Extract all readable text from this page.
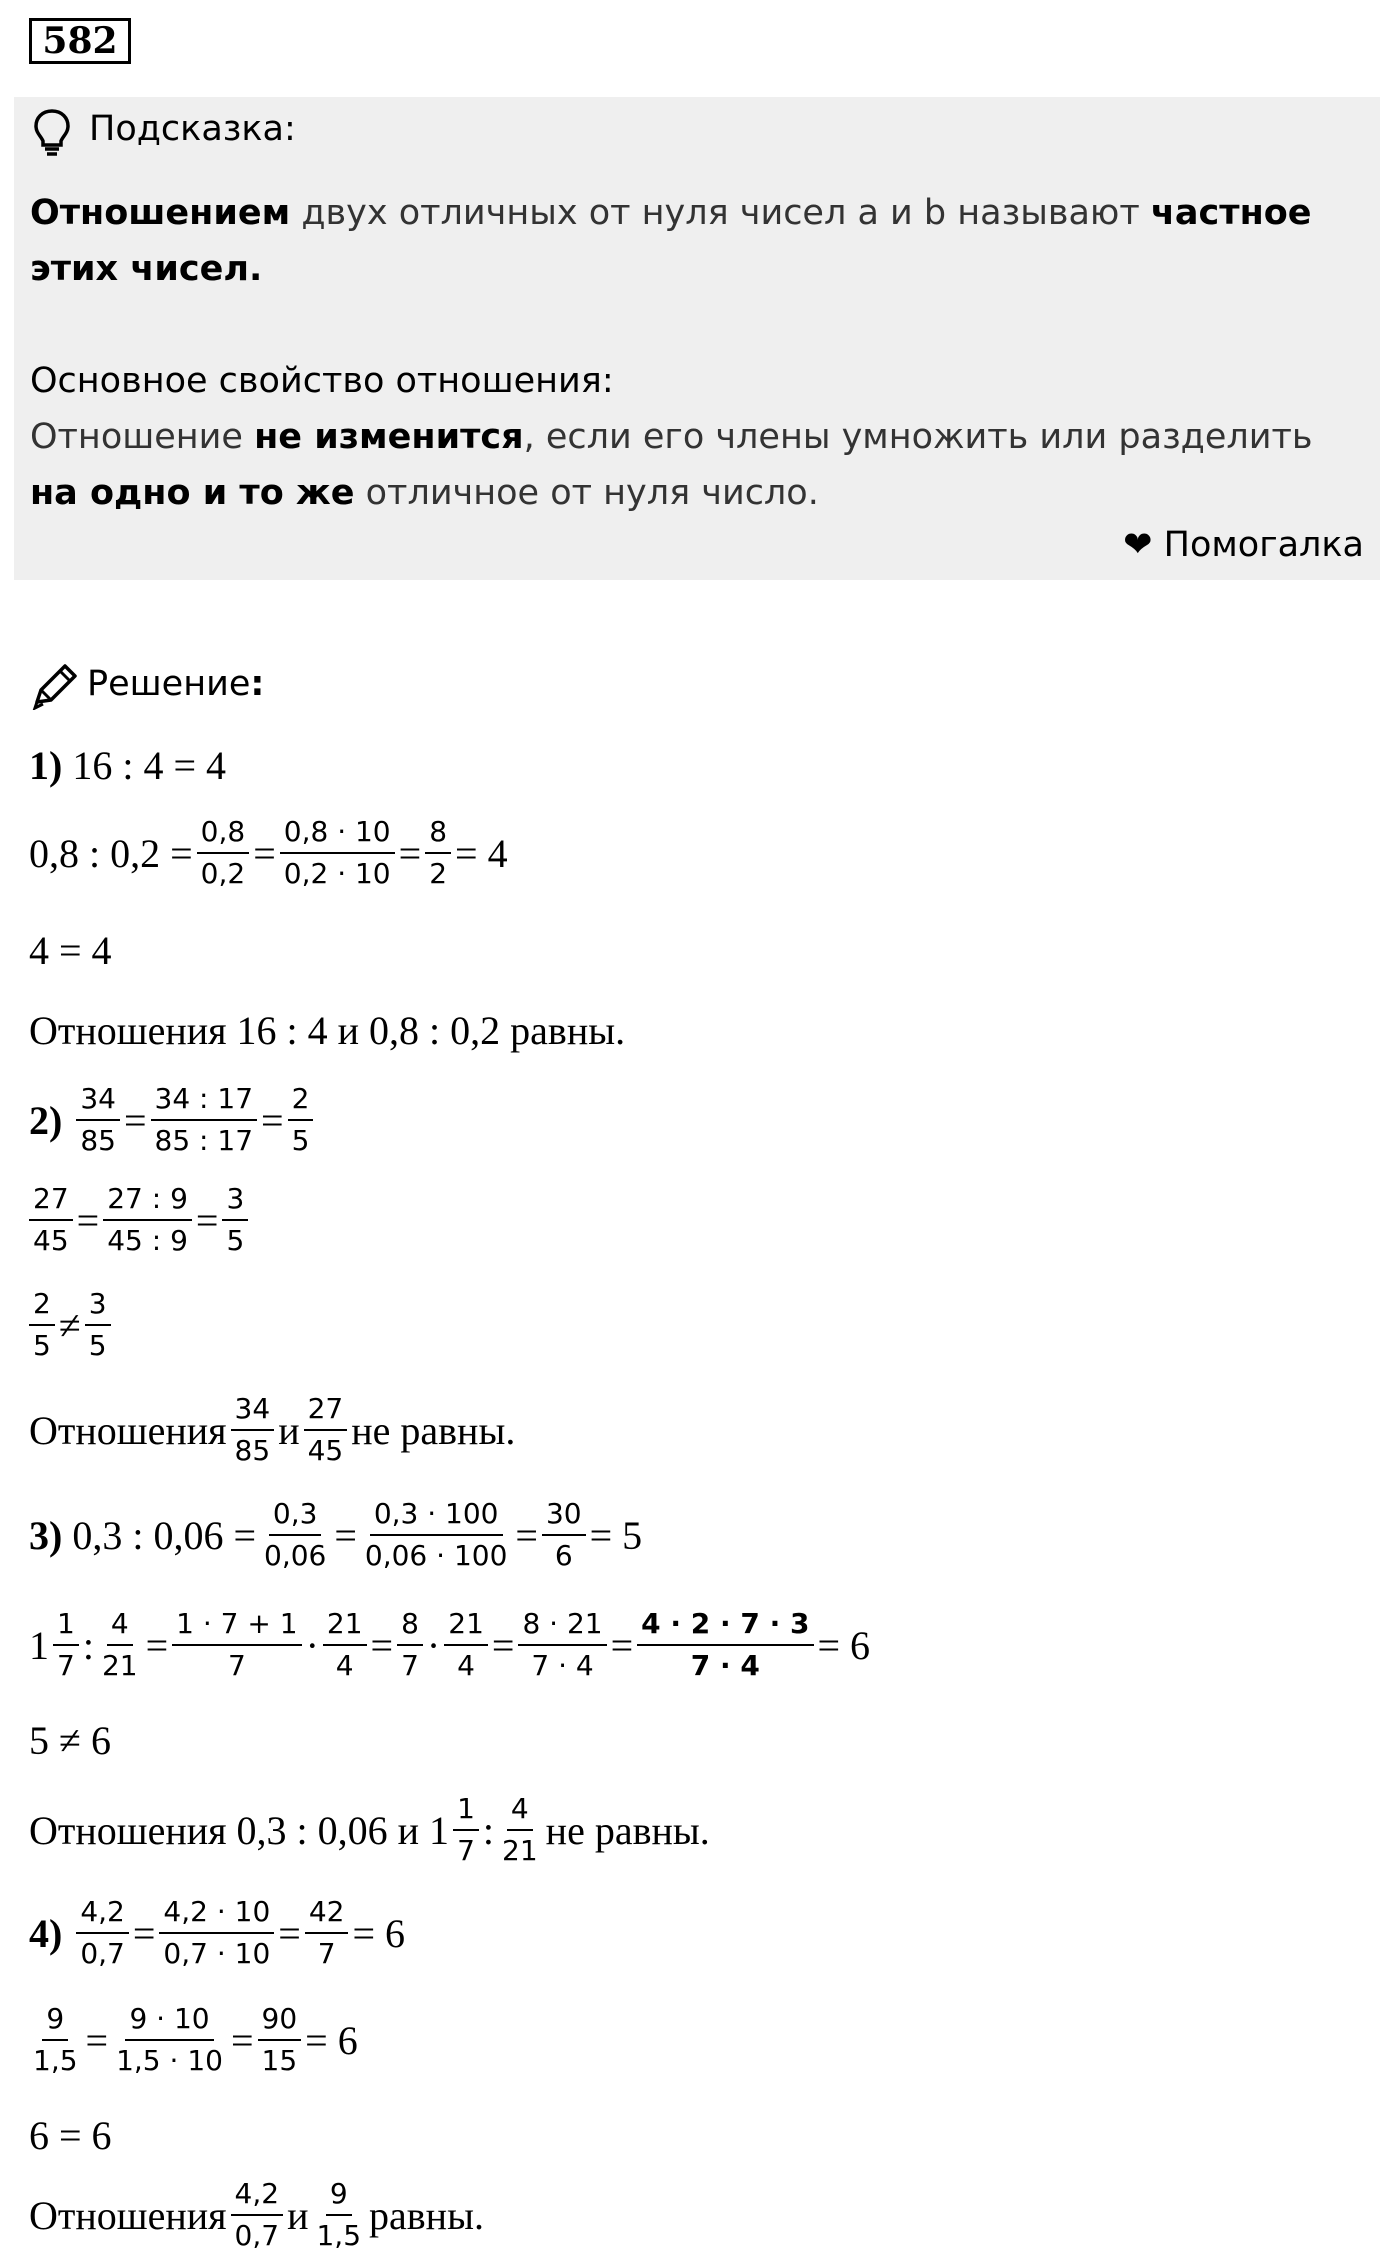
582
Подсказка:
Отношением двух отличных от нуля чисел a и b называют частное
этих чисел.
Основное свойство отношения:
Отношение не изменится, если его члены умножить или разделить
на одно и то же отличное от нуля число.
❤ Помогалка
Решение:
1) 16 : 4 = 4
0,8 : $0,2 = \frac{0,8}{0,2} = \frac{0,8 \cdot 10}{0,2 \cdot 10} = \frac{8}{2} = 4$
4 = 4
Отношения 16 : 4 и 0,8 : 0,2 равны.
$2) \frac{34}{85} = \frac{34 : 17}{85 : 17} = \frac{2}{5}$
$\frac{27}{45} = \frac{27 : 9}{45 : 9} = \frac{3}{5}$
2
5 ≠ 3
5
Отношения 34
85 и 27
45 не равны.
3) 0,3 : $0,06 = \frac{0,3}{0,06} = \frac{0,3 \cdot 100}{0,06 \cdot 100} = \frac{30}{6} = 5$
1 1
7 : $\frac{4}{21} = \frac{1 \cdot 7 + 1}{7} \cdot \frac{21}{4} = \frac{8}{7} \cdot \frac{21}{4} = \frac{8 \cdot 21}{7 \cdot 4} = \frac{4 \cdot 2 \cdot 7 \cdot 3}{7 \cdot 4} = 6$
5 ≠ 6
Отношения 0,3 : 0,06 и 1 1
7 : 4
21 не равны.
$4) \frac{4,2}{0,7} = \frac{4,2 \cdot 10}{0,7 \cdot 10} = \frac{42}{7} = 6$
$\frac{9}{1,5} = \frac{9 \cdot 10}{1,5 \cdot 10} = \frac{90}{15} = 6$
6 = 6
Отношения 4,2
0,7 и 9
1,5 равны.
